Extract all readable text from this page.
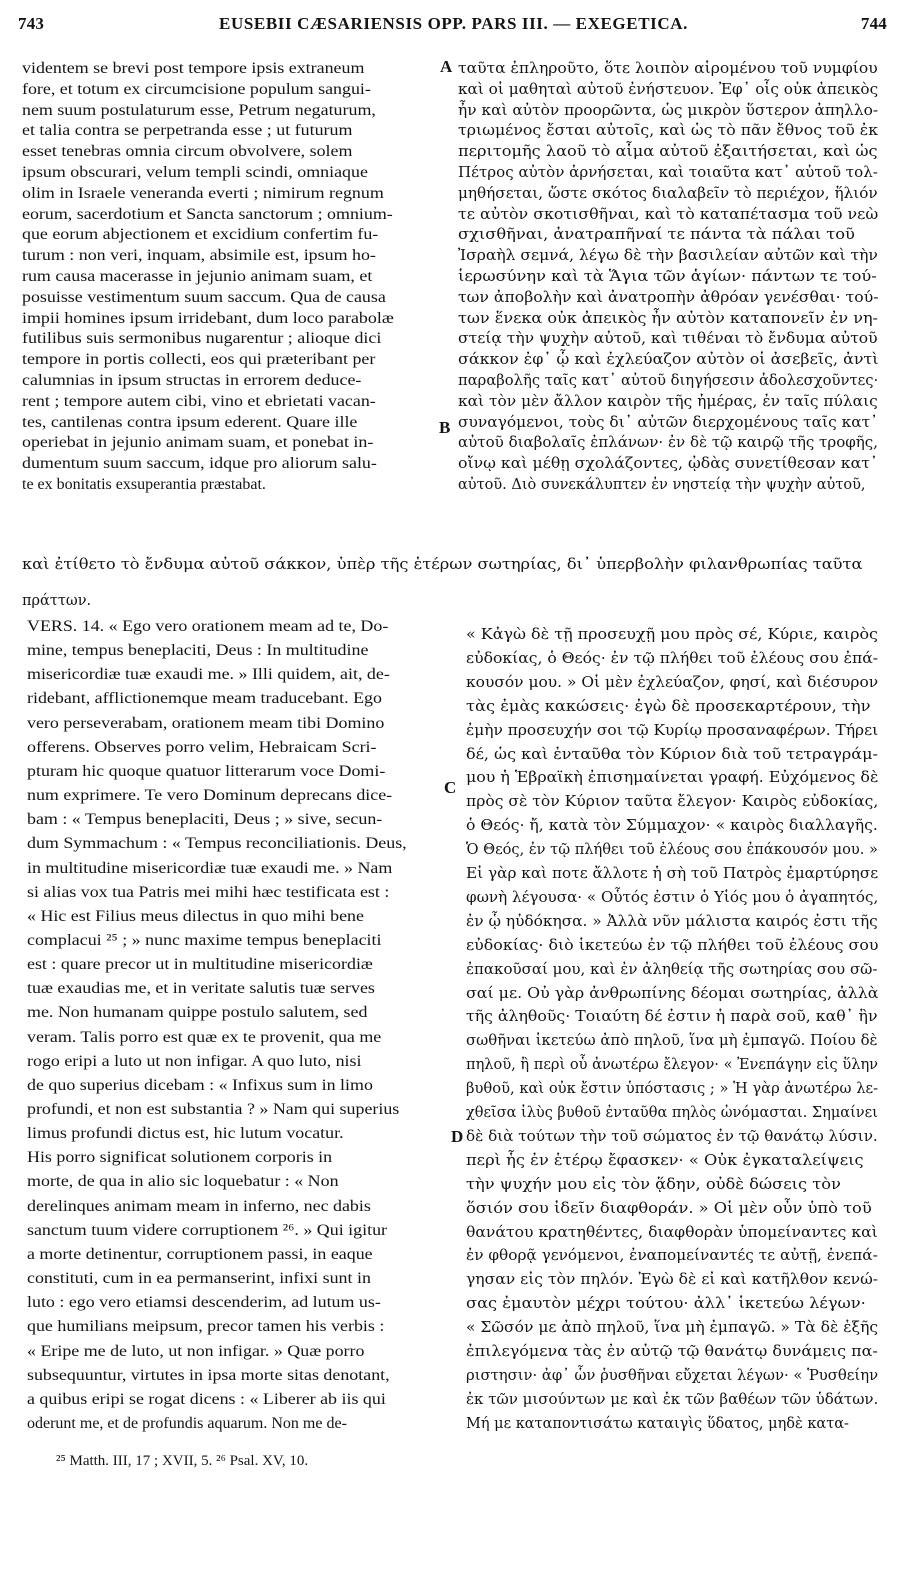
743	EUSEBII CÆSARIENSIS OPP. PARS III. — EXEGETICA.	744
videntem se brevi post tempore ipsis extraneum
fore, et totum ex circumcisione populum sangui-
nem suum postulaturum esse, Petrum negaturum,
et talia contra se perpetranda esse ; ut futurum
esset tenebras omnia circum obvolvere, solem
ipsum obscurari, velum templi scindi, omniaque
olim in Israele veneranda everti ; nimirum regnum
eorum, sacerdotium et Sancta sanctorum ; omnium-
que eorum abjectionem et excidium confertim fu-
turum : non veri, inquam, absimile est, ipsum ho-
rum causa macerasse in jejunio animam suam, et
posuisse vestimentum suum saccum. Qua de causa
impii homines ipsum irridebant, dum loco parabolæ
futilibus suis sermonibus nugarentur ; alioque dici
tempore in portis collecti, eos qui præteribant per
calumnias in ipsum structas in errorem deduce-
rent ; tempore autem cibi, vino et ebrietati vacan-
tes, cantilenas contra ipsum ederent. Quare ille
operiebat in jejunio animam suam, et ponebat in-
dumentum suum saccum, idque pro aliorum salu-
te ex bonitatis exsuperantia præstabat.
ταῦτα ἐπληροῦτο, ὅτε λοιπὸν αἱρομένου τοῦ νυμφίου
καὶ οἱ μαθηταὶ αὐτοῦ ἐνήστευον. Ἐφ᾽ οἷς οὐκ ἀπεικὸς
ἦν καὶ αὐτὸν προορῶντα, ὡς μικρὸν ὕστερον ἀπηλλο-
τριωμένος ἔσται αὐτοῖς, καὶ ὡς τὸ πᾶν ἔθνος τοῦ ἐκ
περιτομῆς λαοῦ τὸ αἷμα αὐτοῦ ἐξαιτήσεται, καὶ ὡς
Πέτρος αὐτὸν ἀρνήσεται, καὶ τοιαῦτα κατ᾽ αὐτοῦ τολ-
μηθήσεται, ὥστε σκότος διαλαβεῖν τὸ περιέχον, ἥλιόν
τε αὐτὸν σκοτισθῆναι, καὶ τὸ καταπέτασμα τοῦ νεὼ
σχισθῆναι, ἀνατραπῆναί τε πάντα τὰ πάλαι τοῦ
Ἰσραὴλ σεμνά, λέγω δὲ τὴν βασιλείαν αὐτῶν καὶ τὴν
ἱερωσύνην καὶ τὰ Ἅγια τῶν ἁγίων· πάντων τε τού-
των ἀποβολὴν καὶ ἀνατροπὴν ἀθρόαν γενέσθαι· τού-
των ἕνεκα οὐκ ἀπεικὸς ἦν αὐτὸν καταπονεῖν ἐν νη-
στείᾳ τὴν ψυχὴν αὐτοῦ, καὶ τιθέναι τὸ ἔνδυμα αὐτοῦ
σάκκον ἐφ᾽ ᾧ καὶ ἐχλεύαζον αὐτὸν οἱ ἀσεβεῖς, ἀντὶ
παραβολῆς ταῖς κατ᾽ αὐτοῦ διηγήσεσιν ἀδολεσχοῦντες·
καὶ τὸν μὲν ἄλλον καιρὸν τῆς ἡμέρας, ἐν ταῖς πύλαις
συναγόμενοι, τοὺς δι᾽ αὐτῶν διερχομένους ταῖς κατ᾽
αὐτοῦ διαβολαῖς ἐπλάνων· ἐν δὲ τῷ καιρῷ τῆς τροφῆς,
οἴνῳ καὶ μέθῃ σχολάζοντες, ᾠδὰς συνετίθεσαν κατ᾽
αὐτοῦ. Διὸ συνεκάλυπτεν ἐν νηστείᾳ τὴν ψυχὴν αὐτοῦ,
καὶ ἐτίθετο τὸ ἔνδυμα αὐτοῦ σάκκον, ὑπὲρ τῆς ἑτέρων σωτηρίας, δι᾽ ὑπερβολὴν φιλανθρωπίας ταῦτα
πράττων.
VERS. 14. « Ego vero orationem meam ad te, Do-
mine, tempus beneplaciti, Deus : In multitudine
misericordiæ tuæ exaudi me. » Illi quidem, ait, de-
ridebant, afflictionemque meam traducebant. Ego
vero perseverabam, orationem meam tibi Domino
offerens. Observes porro velim, Hebraicam Scri-
pturam hic quoque quatuor litterarum voce Domi-
num exprimere. Te vero Dominum deprecans dice-
bam : « Tempus beneplaciti, Deus ; » sive, secun-
dum Symmachum : « Tempus reconciliationis. Deus,
in multitudine misericordiæ tuæ exaudi me. » Nam
si alias vox tua Patris mei mihi hæc testificata est :
« Hic est Filius meus dilectus in quo mihi bene
complacui ²⁵ ; » nunc maxime tempus beneplaciti
est : quare precor ut in multitudine misericordiæ
tuæ exaudias me, et in veritate salutis tuæ serves
me. Non humanam quippe postulo salutem, sed
veram. Talis porro est quæ ex te provenit, qua me
rogo eripi a luto ut non infigar. A quo luto, nisi
de quo superius dicebam : « Infixus sum in limo
profundi, et non est substantia ? » Nam qui superius
limus profundi dictus est, hic lutum vocatur.
His porro significat solutionem corporis in
morte, de qua in alio sic loquebatur : « Non
derelinques animam meam in inferno, nec dabis
sanctum tuum videre corruptionem ²⁶. » Qui igitur
a morte detinentur, corruptionem passi, in eaque
constituti, cum in ea permanserint, infixi sunt in
luto : ego vero etiamsi descenderim, ad lutum us-
que humilians meipsum, precor tamen his verbis :
« Eripe me de luto, ut non infigar. » Quæ porro
subsequuntur, virtutes in ipsa morte sitas denotant,
a quibus eripi se rogat dicens : « Liberer ab iis qui
oderunt me, et de profundis aquarum. Non me de-
« Κἀγὼ δὲ τῇ προσευχῇ μου πρὸς σέ, Κύριε, καιρὸς
εὐδοκίας, ὁ Θεός· ἐν τῷ πλήθει τοῦ ἐλέους σου ἐπά-
κουσόν μου. » Οἱ μὲν ἐχλεύαζον, φησί, καὶ διέσυρον
τὰς ἐμὰς κακώσεις· ἐγὼ δὲ προσεκαρτέρουν, τὴν
ἐμὴν προσευχήν σοι τῷ Κυρίῳ προσαναφέρων. Τήρει
δέ, ὡς καὶ ἐνταῦθα τὸν Κύριον διὰ τοῦ τετραγράμ-
μου ἡ Ἑβραϊκὴ ἐπισημαίνεται γραφή. Εὐχόμενος δὲ
πρὸς σὲ τὸν Κύριον ταῦτα ἔλεγον· Καιρὸς εὐδοκίας,
ὁ Θεός· ἤ, κατὰ τὸν Σύμμαχον· « καιρὸς διαλλαγῆς.
Ὁ Θεός, ἐν τῷ πλήθει τοῦ ἐλέους σου ἐπάκουσόν μου. »
Εἰ γὰρ καὶ ποτε ἄλλοτε ἡ σὴ τοῦ Πατρὸς ἐμαρτύρησε
φωνὴ λέγουσα· « Οὗτός ἐστιν ὁ Υἱός μου ὁ ἀγαπητός,
ἐν ᾧ ηὐδόκησα. » Ἀλλὰ νῦν μάλιστα καιρός ἐστι τῆς
εὐδοκίας· διὸ ἱκετεύω ἐν τῷ πλήθει τοῦ ἐλέους σου
ἐπακοῦσαί μου, καὶ ἐν ἀληθείᾳ τῆς σωτηρίας σου σῶ-
σαί με. Οὐ γὰρ ἀνθρωπίνης δέομαι σωτηρίας, ἀλλὰ
τῆς ἀληθοῦς· Τοιαύτη δέ ἐστιν ἡ παρὰ σοῦ, καθ᾽ ἣν
σωθῆναι ἱκετεύω ἀπὸ πηλοῦ, ἵνα μὴ ἐμπαγῶ. Ποίου δὲ
πηλοῦ, ἢ περὶ οὗ ἀνωτέρω ἔλεγον· « Ἐνεπάγην εἰς ὕλην
βυθοῦ, καὶ οὐκ ἔστιν ὑπόστασις ; » Ἡ γὰρ ἀνωτέρω λε-
χθεῖσα ἰλὺς βυθοῦ ἐνταῦθα πηλὸς ὠνόμασται. Σημαίνει
δὲ διὰ τούτων τὴν τοῦ σώματος ἐν τῷ θανάτῳ λύσιν.
περὶ ἧς ἐν ἑτέρῳ ἔφασκεν· « Οὐκ ἐγκαταλείψεις
τὴν ψυχήν μου εἰς τὸν ᾅδην, οὐδὲ δώσεις τὸν
ὅσιόν σου ἰδεῖν διαφθοράν. » Οἱ μὲν οὖν ὑπὸ τοῦ
θανάτου κρατηθέντες, διαφθορὰν ὑπομείναντες καὶ
ἐν φθορᾷ γενόμενοι, ἐναπομείναντές τε αὐτῇ, ἐνεπά-
γησαν εἰς τὸν πηλόν. Ἐγὼ δὲ εἰ καὶ κατῆλθον κενώ-
σας ἐμαυτὸν μέχρι τούτου· ἀλλ᾽ ἱκετεύω λέγων·
« Σῶσόν με ἀπὸ πηλοῦ, ἵνα μὴ ἐμπαγῶ. » Τὰ δὲ ἑξῆς
ἐπιλεγόμενα τὰς ἐν αὐτῷ τῷ θανάτῳ δυνάμεις πα-
ριστησιν· ἀφ᾽ ὧν ῥυσθῆναι εὔχεται λέγων· « Ῥυσθείην
ἐκ τῶν μισούντων με καὶ ἐκ τῶν βαθέων τῶν ὑδάτων.
Μή με καταποντισάτω καταιγὶς ὕδατος, μηδὲ κατα-
A
B
C
D
²⁵ Matth. III, 17 ; XVII, 5. ²⁶ Psal. XV, 10.
